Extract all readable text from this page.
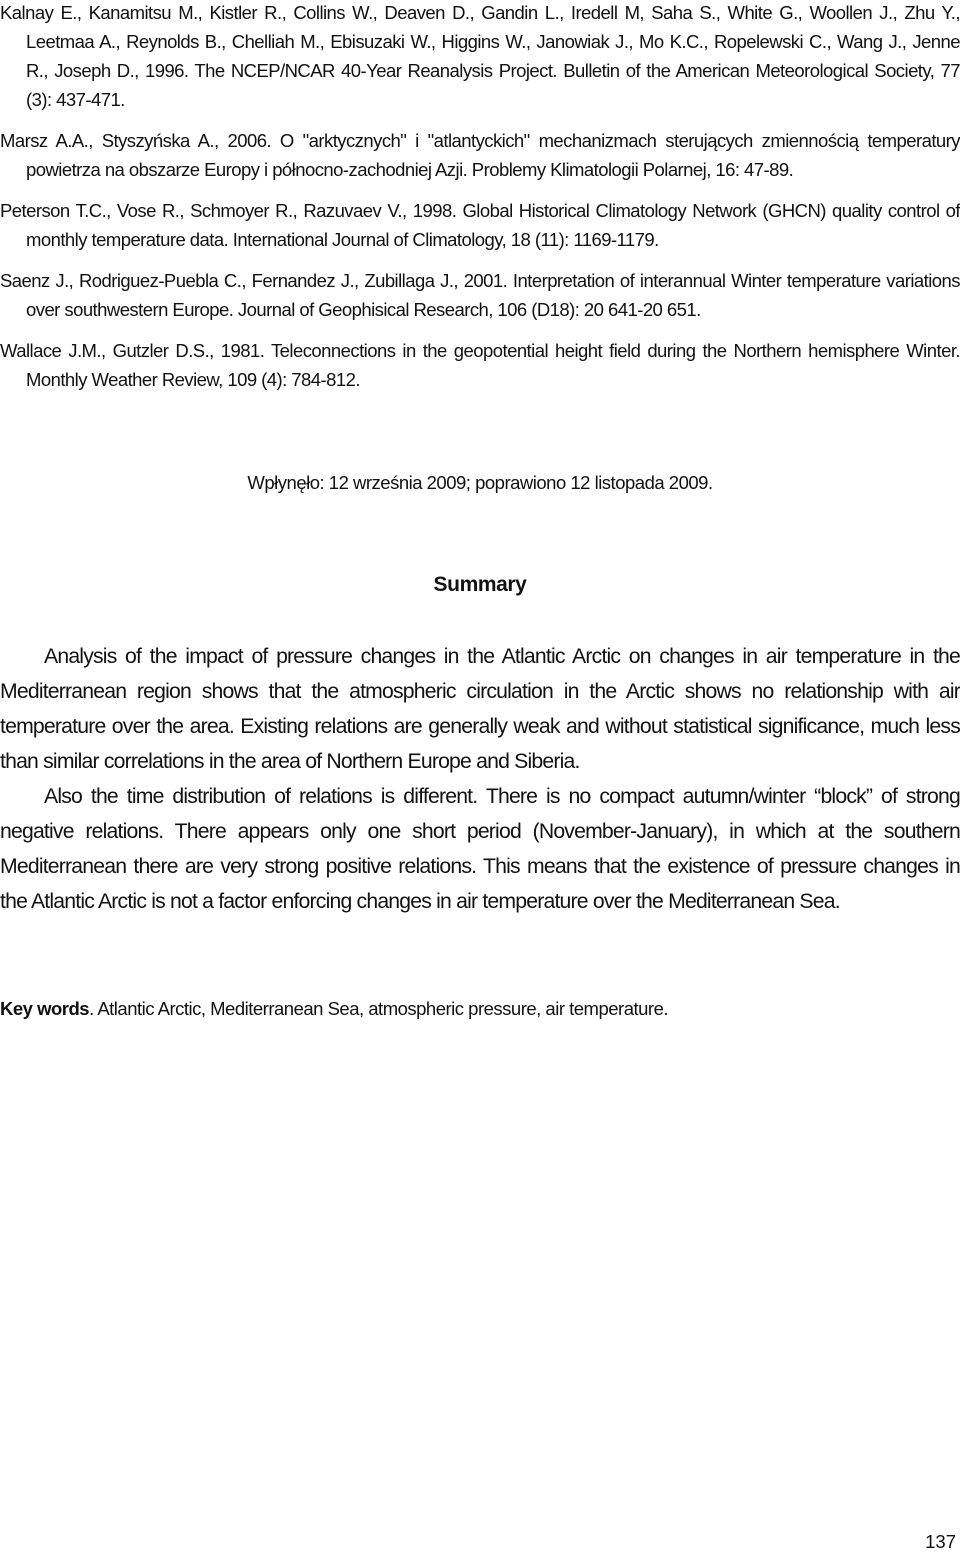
Kalnay E., Kanamitsu M., Kistler R., Collins W., Deaven D., Gandin L., Iredell M, Saha S., White G., Woollen J., Zhu Y., Leetmaa A., Reynolds B., Chelliah M., Ebisuzaki W., Higgins W., Janowiak J., Mo K.C., Ropelewski C., Wang J., Jenne R., Joseph D., 1996. The NCEP/NCAR 40-Year Reanalysis Project. Bulletin of the American Meteorological Society, 77 (3): 437-471.

Marsz A.A., Styszyńska A., 2006. O "arktycznych" i "atlantyckich" mechanizmach sterujących zmiennością temperatury powietrza na obszarze Europy i północno-zachodniej Azji. Problemy Klimatologii Polarnej, 16: 47-89.

Peterson T.C., Vose R., Schmoyer R., Razuvaev V., 1998. Global Historical Climatology Network (GHCN) quality control of monthly temperature data. International Journal of Climatology, 18 (11): 1169-1179.

Saenz J., Rodriguez-Puebla C., Fernandez J., Zubillaga J., 2001. Interpretation of interannual Winter temperature variations over southwestern Europe. Journal of Geophisical Research, 106 (D18): 20 641-20 651.

Wallace J.M., Gutzler D.S., 1981. Teleconnections in the geopotential height field during the Northern hemisphere Winter. Monthly Weather Review, 109 (4): 784-812.

Wpłynęło: 12 września 2009; poprawiono 12 listopada 2009.
Summary

Analysis of the impact of pressure changes in the Atlantic Arctic on changes in air temperature in the Mediterranean region shows that the atmospheric circulation in the Arctic shows no relationship with air temperature over the area. Existing relations are generally weak and without statistical significance, much less than similar correlations in the area of Northern Europe and Siberia.

Also the time distribution of relations is different. There is no compact autumn/winter “block” of strong negative relations. There appears only one short period (November-January), in which at the southern Mediterranean there are very strong positive relations. This means that the existence of pressure changes in the Atlantic Arctic is not a factor enforcing changes in air temperature over the Mediterranean Sea.

Key words. Atlantic Arctic, Mediterranean Sea, atmospheric pressure, air temperature.
137
